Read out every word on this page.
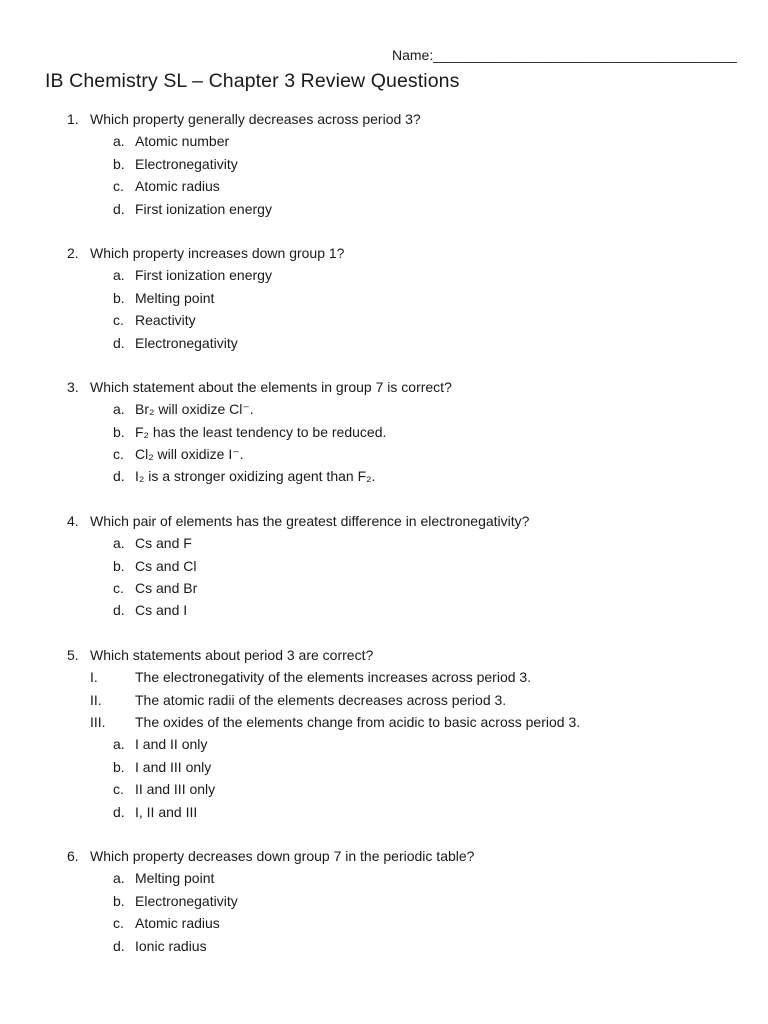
Name:_______________________________________
IB Chemistry SL – Chapter 3 Review Questions
1. Which property generally decreases across period 3?
a. Atomic number
b. Electronegativity
c. Atomic radius
d. First ionization energy
2. Which property increases down group 1?
a. First ionization energy
b. Melting point
c. Reactivity
d. Electronegativity
3. Which statement about the elements in group 7 is correct?
a. Br₂ will oxidize Cl⁻.
b. F₂ has the least tendency to be reduced.
c. Cl₂ will oxidize I⁻.
d. I₂ is a stronger oxidizing agent than F₂.
4. Which pair of elements has the greatest difference in electronegativity?
a. Cs and F
b. Cs and Cl
c. Cs and Br
d. Cs and I
5. Which statements about period 3 are correct?
I.	The electronegativity of the elements increases across period 3.
II. The atomic radii of the elements decreases across period 3.
III. The oxides of the elements change from acidic to basic across period 3.
a. I and II only
b. I and III only
c. II and III only
d. I, II and III
6. Which property decreases down group 7 in the periodic table?
a. Melting point
b. Electronegativity
c. Atomic radius
d. Ionic radius
